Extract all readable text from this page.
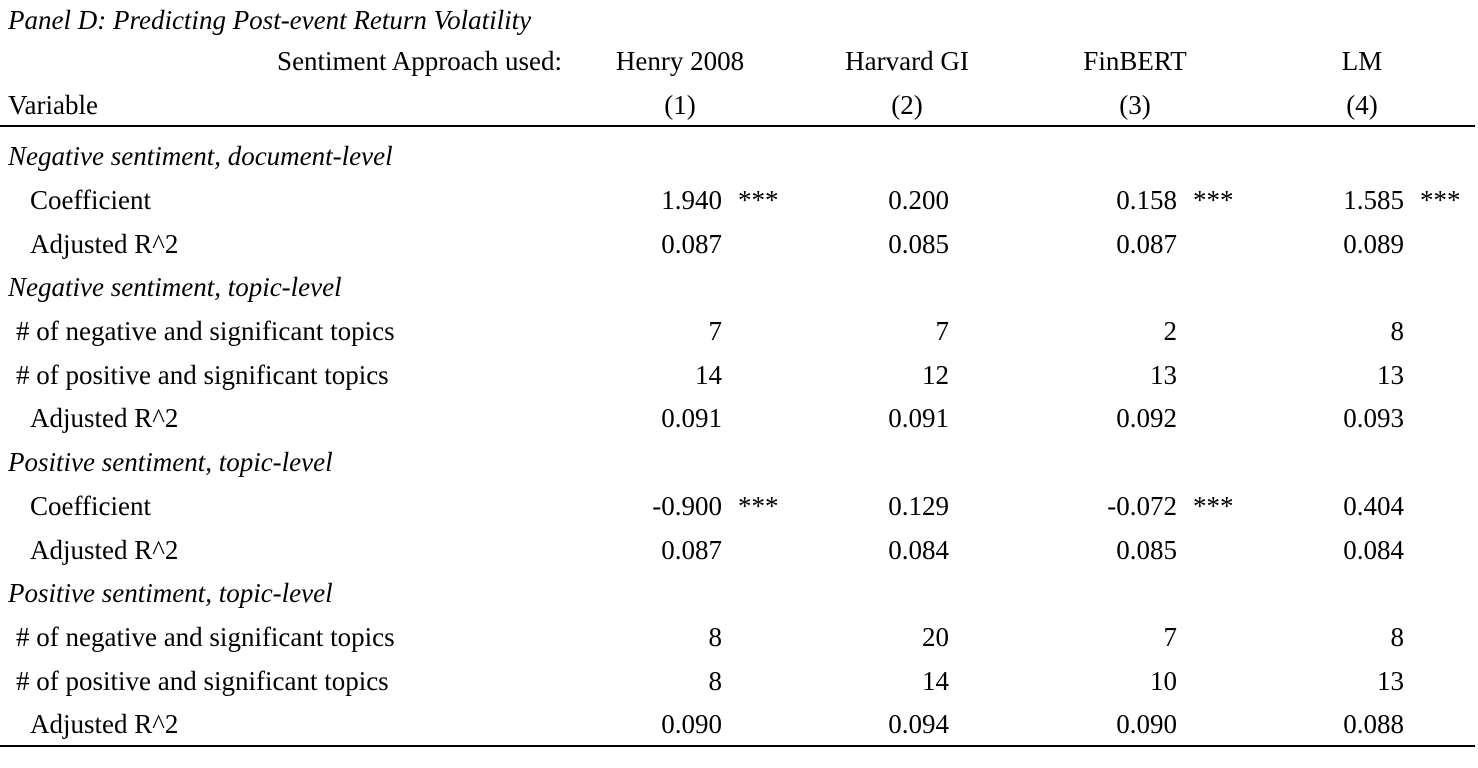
Panel D: Predicting Post-event Return Volatility
Sentiment Approach used: Henry 2008	Harvard GI	FinBERT	LM
Variable	(1)	(2)	(3)	(4)
Negative sentiment, document-level
Coefficient	1.940 ***	0.200	0.158 ***	1.585 ***
Adjusted R^2	0.087	0.085	0.087	0.089
Negative sentiment, topic-level
# of negative and significant topics	7	7	2	8
# of positive and significant topics	14	12	13	13
Adjusted R^2	0.091	0.091	0.092	0.093
Positive sentiment, topic-level
Coefficient	-0.900 ***	0.129	-0.072 ***	0.404
Adjusted R^2	0.087	0.084	0.085	0.084
Positive sentiment, topic-level
# of negative and significant topics	8	20	7	8
# of positive and significant topics	8	14	10	13
Adjusted R^2	0.090	0.094	0.090	0.088
